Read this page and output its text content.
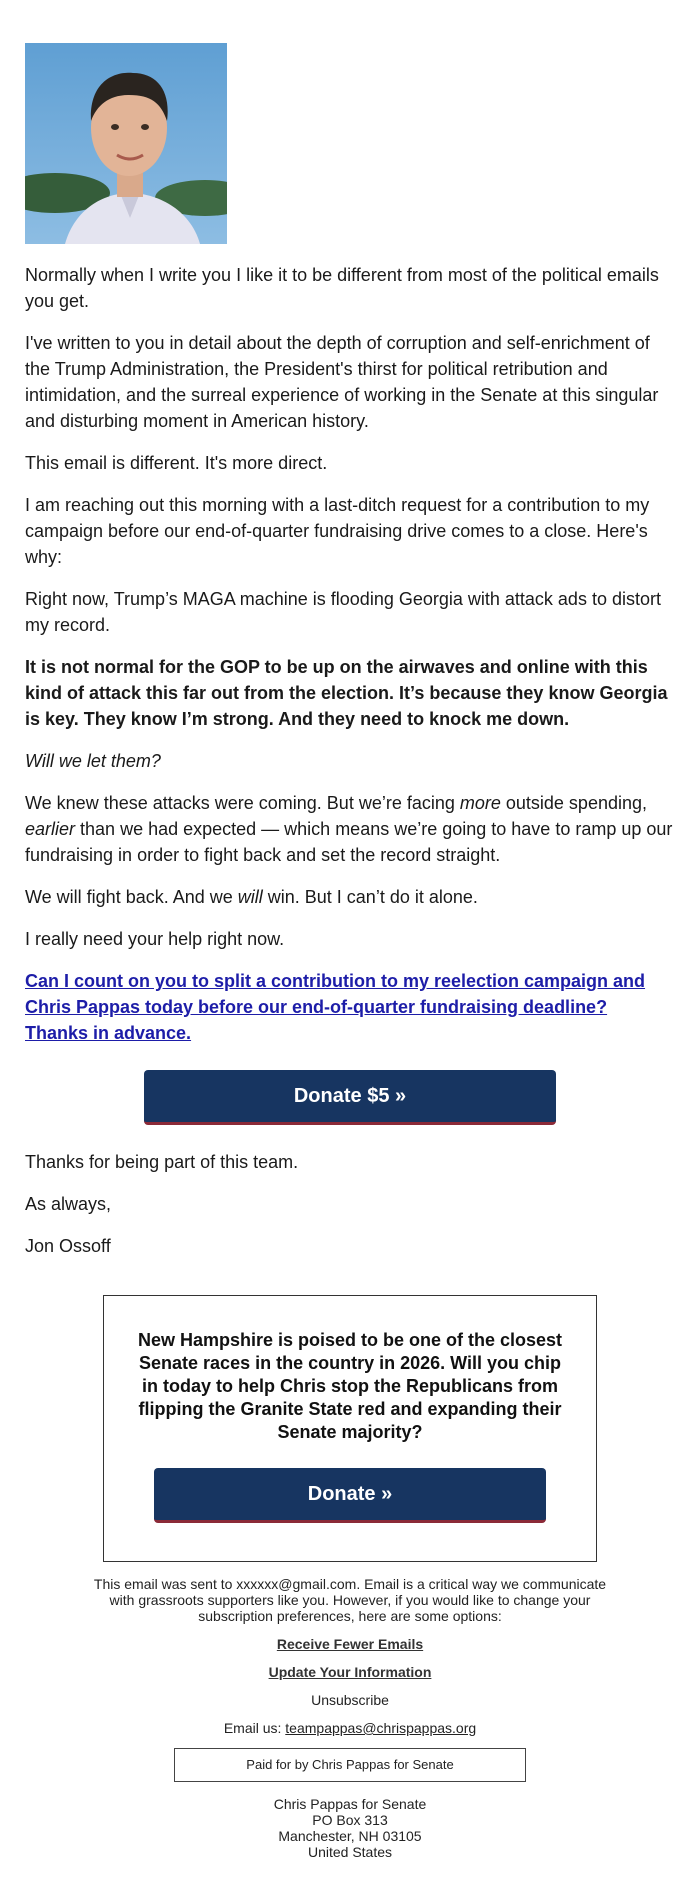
Normally when I write you I like it to be different from most of the political emails you get.

I've written to you in detail about the depth of corruption and self-enrichment of the Trump Administration, the President's thirst for political retribution and intimidation, and the surreal experience of working in the Senate at this singular and disturbing moment in American history.

This email is different. It's more direct.

I am reaching out this morning with a last-ditch request for a contribution to my campaign before our end-of-quarter fundraising drive comes to a close. Here's why:

Right now, Trump’s MAGA machine is flooding Georgia with attack ads to distort my record.

It is not normal for the GOP to be up on the airwaves and online with this kind of attack this far out from the election. It’s because they know Georgia is key. They know I’m strong. And they need to knock me down.

Will we let them?

We knew these attacks were coming. But we’re facing more outside spending, earlier than we had expected — which means we’re going to have to ramp up our fundraising in order to fight back and set the record straight.

We will fight back. And we will win. But I can’t do it alone.

I really need your help right now.

Can I count on you to split a contribution to my reelection campaign and Chris Pappas today before our end-of-quarter fundraising deadline? Thanks in advance.

Donate $5 »

Thanks for being part of this team.

As always,

Jon Ossoff

New Hampshire is poised to be one of the closest Senate races in the country in 2026. Will you chip in today to help Chris stop the Republicans from flipping the Granite State red and expanding their Senate majority?

Donate »

This email was sent to xxxxxx@gmail.com. Email is a critical way we communicate with grassroots supporters like you. However, if you would like to change your subscription preferences, here are some options:

Receive Fewer Emails

Update Your Information

Unsubscribe

Email us: teampappas@chrispappas.org

Paid for by Chris Pappas for Senate
Chris Pappas for Senate
PO Box 313
Manchester, NH 03105
United States
